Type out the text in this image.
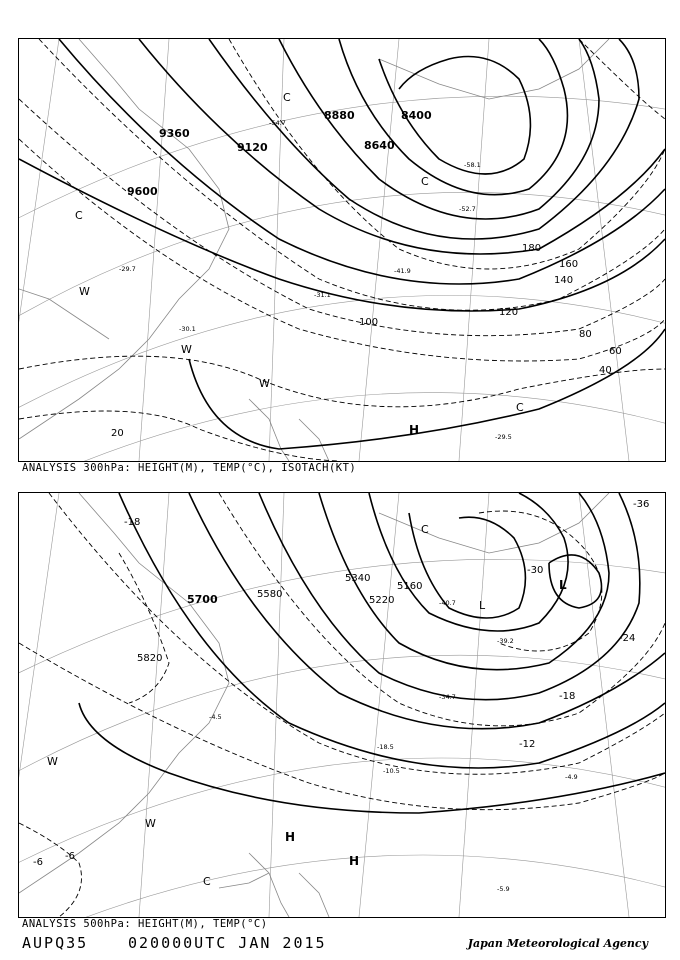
9360
9120
9600
8880	8400
8640
20
40
60
80
100
120
140
160
180
C
C
C
W
W
W
H
C
-54.7
-58.1
-52.7
-41.9
-31.1
-29.7
-29.5
-30.1
ANALYSIS 300hPa: HEIGHT(M), TEMP(°C), ISOTACH(KT)
5700	5580
5820
5340
5220
5160
-18
-30
-36
-24
-18
-12
-6
-6
L
L
C
W
W
H
H
C
-39.2
-40.7
-34.7
-18.5
-5.9
-4.9
-4.5
-10.5
ANALYSIS 500hPa: HEIGHT(M), TEMP(°C)
AUPQ35	020000UTC JAN 2015	Japan Meteorological Agency
